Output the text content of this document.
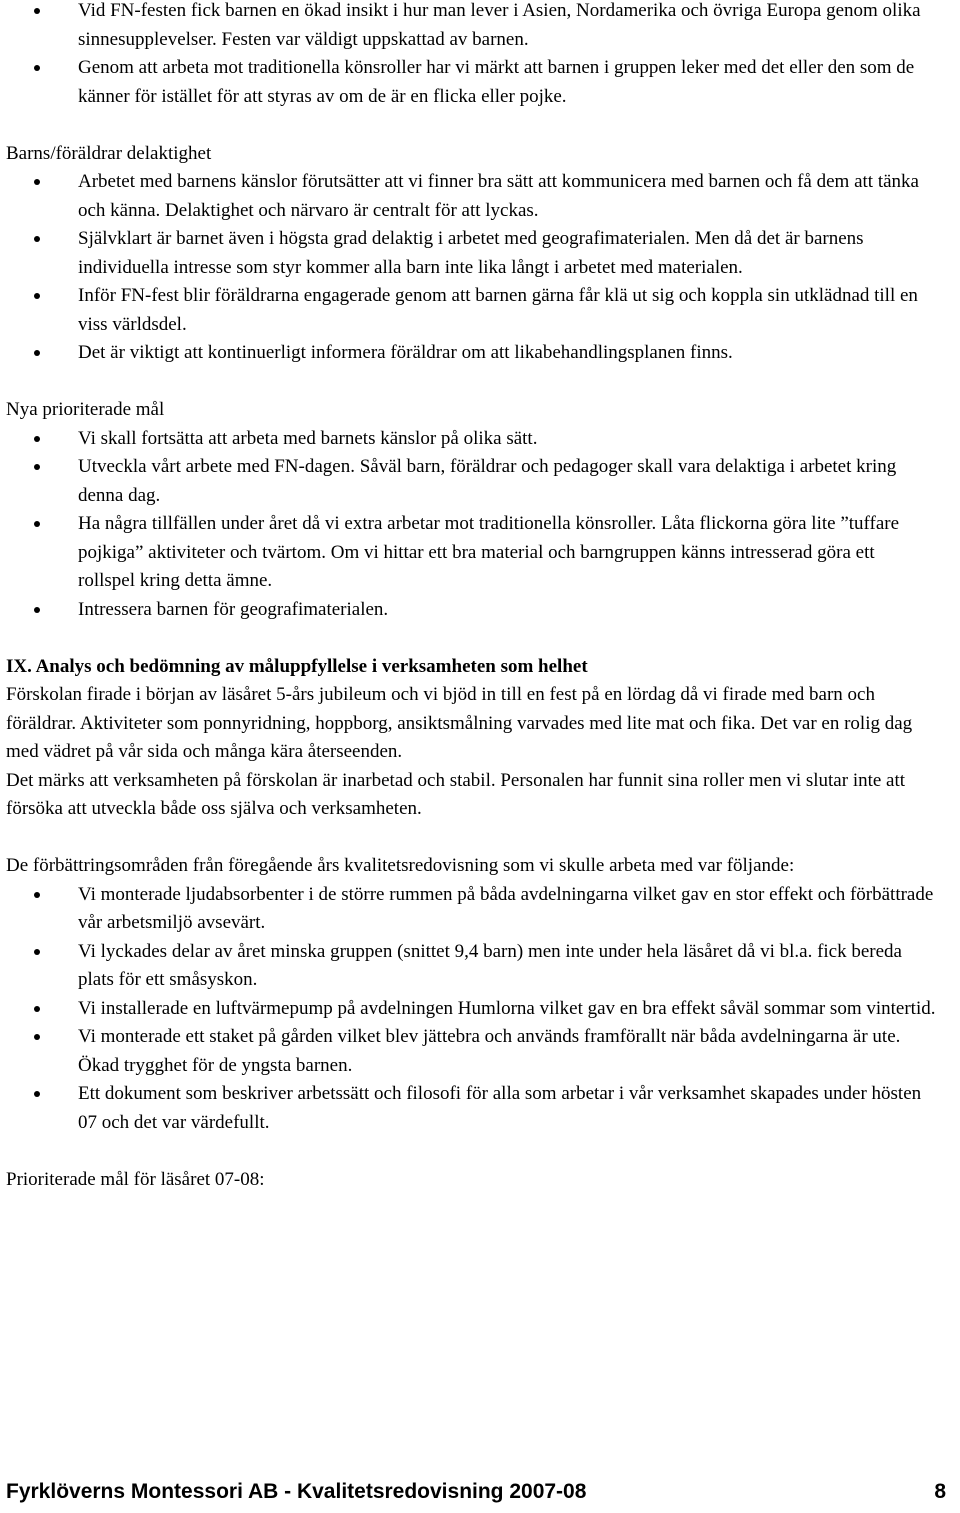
Vid FN-festen fick barnen en ökad insikt i hur man lever i Asien, Nordamerika och övriga Europa genom olika sinnesupplevelser. Festen var väldigt uppskattad av barnen.
Genom att arbeta mot traditionella könsroller har vi märkt att barnen i gruppen leker med det eller den som de känner för istället för att styras av om de är en flicka eller pojke.
Barns/föräldrar delaktighet
Arbetet med barnens känslor förutsätter att vi finner bra sätt att kommunicera med barnen och få dem att tänka och känna. Delaktighet och närvaro är centralt för att lyckas.
Självklart är barnet även i högsta grad delaktig i arbetet med geografimaterialen. Men då det är barnens individuella intresse som styr kommer alla barn inte lika långt i arbetet med materialen.
Inför FN-fest blir föräldrarna engagerade genom att barnen gärna får klä ut sig och koppla sin utklädnad till en viss världsdel.
Det är viktigt att kontinuerligt informera föräldrar om att likabehandlingsplanen finns.
Nya prioriterade mål
Vi skall fortsätta att arbeta med barnets känslor på olika sätt.
Utveckla vårt arbete med FN-dagen. Såväl barn, föräldrar och pedagoger skall vara delaktiga i arbetet kring denna dag.
Ha några tillfällen under året då vi extra arbetar mot traditionella könsroller. Låta flickorna göra lite ”tuffare pojkiga” aktiviteter och tvärtom. Om vi hittar ett bra material och barngruppen känns intresserad göra ett rollspel kring detta ämne.
Intressera barnen för geografimaterialen.
IX. Analys och bedömning av måluppfyllelse i verksamheten som helhet

Förskolan firade i början av läsåret 5-års jubileum och vi bjöd in till en fest på en lördag då vi firade med barn och föräldrar. Aktiviteter som ponnyridning, hoppborg, ansiktsmålning varvades med lite mat och fika. Det var en rolig dag med vädret på vår sida och många kära återseenden.

Det märks att verksamheten på förskolan är inarbetad och stabil. Personalen har funnit sina roller men vi slutar inte att försöka att utveckla både oss själva och verksamheten.

De förbättringsområden från föregående års kvalitetsredovisning som vi skulle arbeta med var följande:

Vi monterade ljudabsorbenter i de större rummen på båda avdelningarna vilket gav en stor effekt och förbättrade vår arbetsmiljö avsevärt.
Vi lyckades delar av året minska gruppen (snittet 9,4 barn) men inte under hela läsåret då vi bl.a. fick bereda plats för ett småsyskon.
Vi installerade en luftvärmepump på avdelningen Humlorna vilket gav en bra effekt såväl sommar som vintertid.
Vi monterade ett staket på gården vilket blev jättebra och används framförallt när båda avdelningarna är ute. Ökad trygghet för de yngsta barnen.
Ett dokument som beskriver arbetssätt och filosofi för alla som arbetar i vår verksamhet skapades under hösten 07 och det var värdefullt.
Prioriterade mål för läsåret 07-08:
Fyrklöverns Montessori AB - Kvalitetsredovisning 2007-08	8
